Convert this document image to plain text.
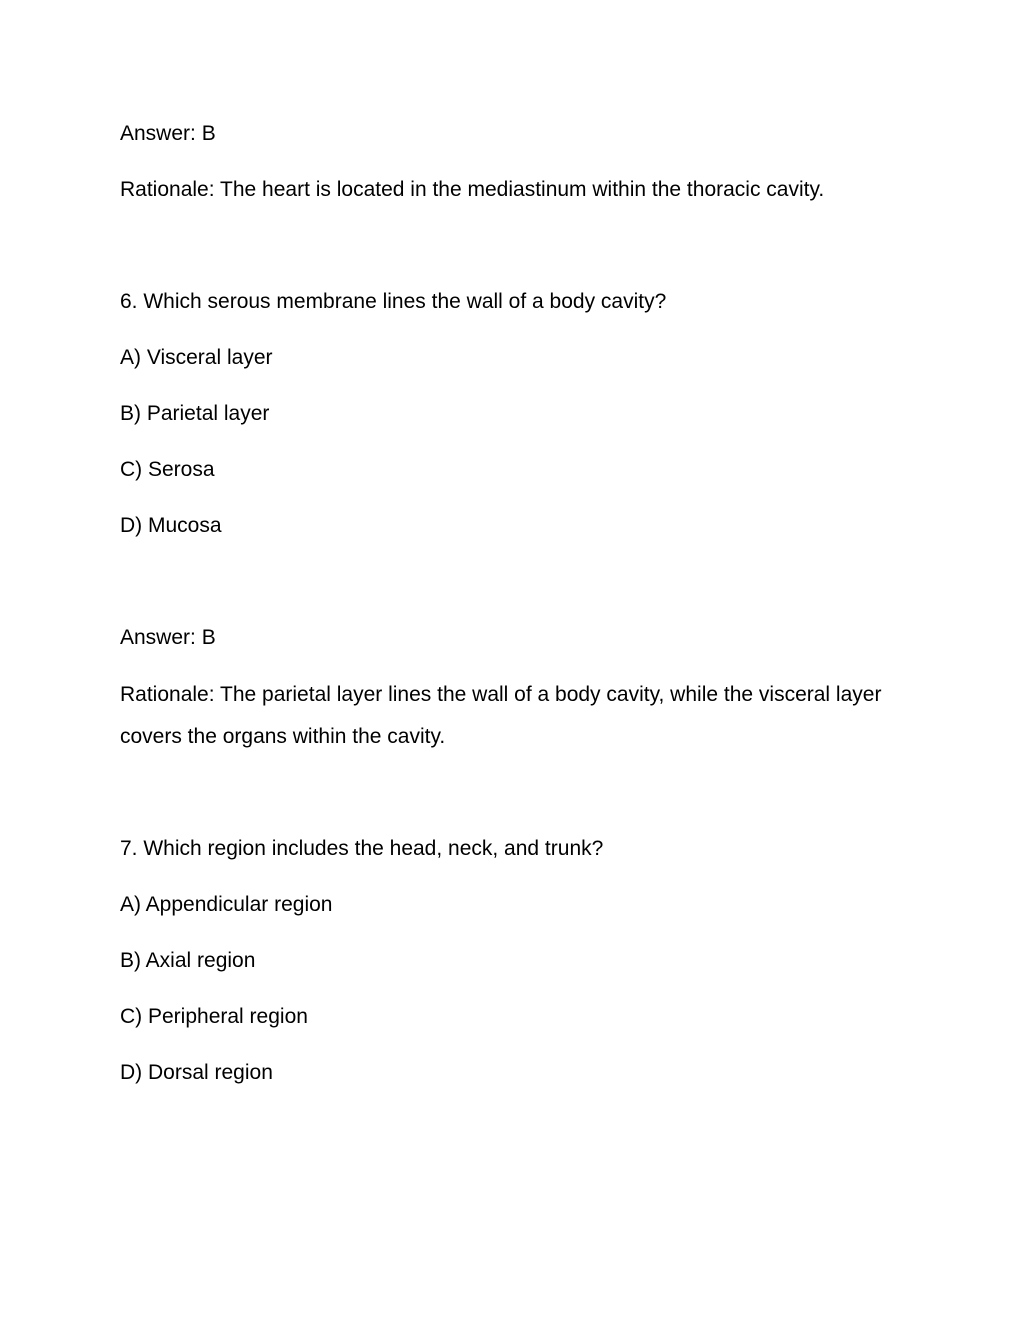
Answer: B
Rationale: The heart is located in the mediastinum within the thoracic cavity.
6. Which serous membrane lines the wall of a body cavity?
A) Visceral layer
B) Parietal layer
C) Serosa
D) Mucosa
Answer: B
Rationale: The parietal layer lines the wall of a body cavity, while the visceral layer covers the organs within the cavity.
7. Which region includes the head, neck, and trunk?
A) Appendicular region
B) Axial region
C) Peripheral region
D) Dorsal region
